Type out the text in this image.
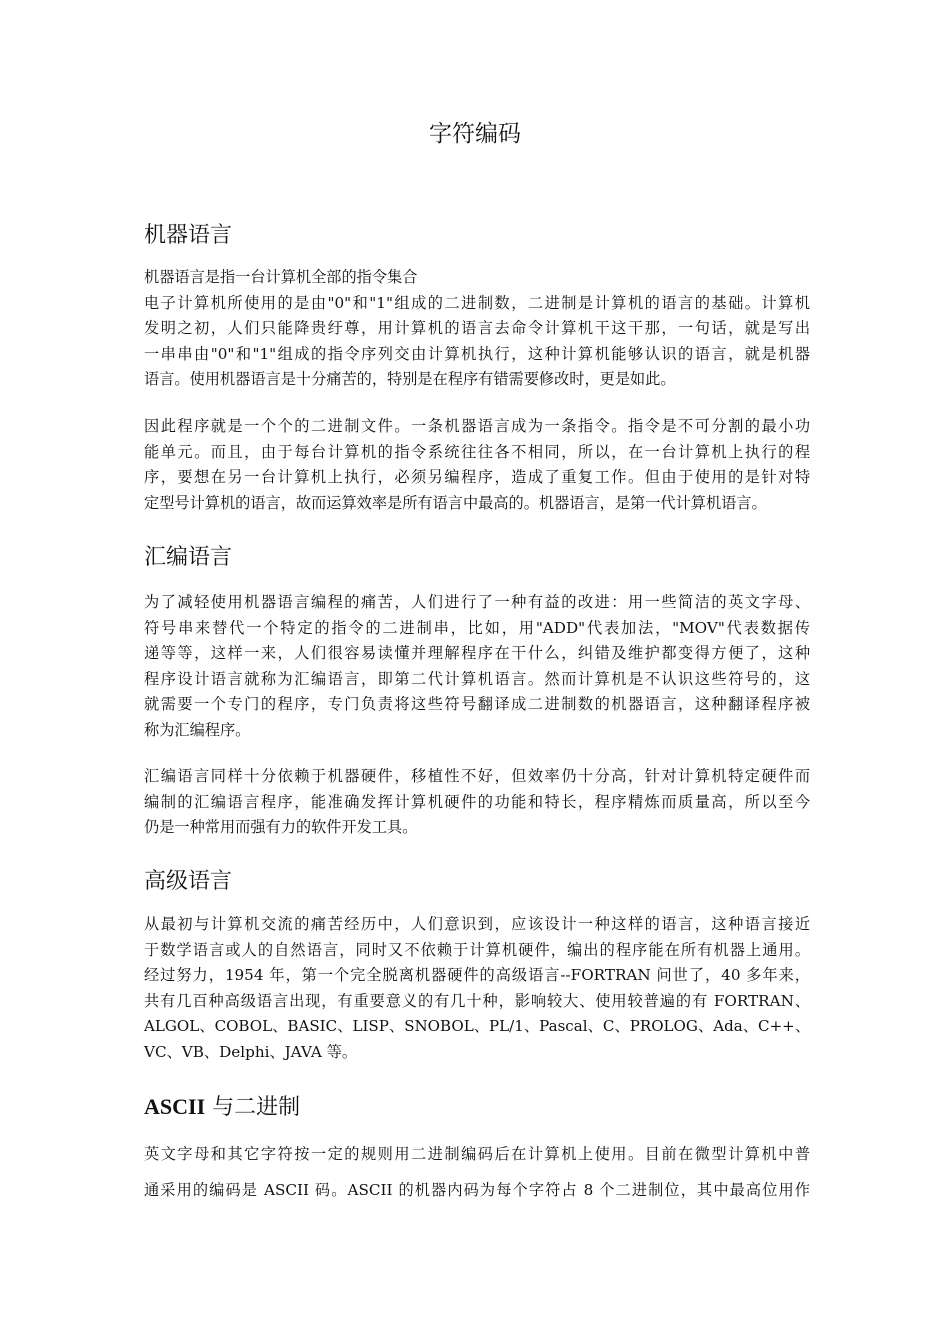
字符编码
机器语言
机器语言是指一台计算机全部的指令集合
电子计算机所使用的是由"0"和"1"组成的二进制数，二进制是计算机的语言的基础。计算机
发明之初，人们只能降贵纡尊，用计算机的语言去命令计算机干这干那，一句话，就是写出
一串串由"0"和"1"组成的指令序列交由计算机执行，这种计算机能够认识的语言，就是机器
语言。使用机器语言是十分痛苦的，特别是在程序有错需要修改时，更是如此。
因此程序就是一个个的二进制文件。一条机器语言成为一条指令。指令是不可分割的最小功
能单元。而且，由于每台计算机的指令系统往往各不相同，所以，在一台计算机上执行的程
序，要想在另一台计算机上执行，必须另编程序，造成了重复工作。但由于使用的是针对特
定型号计算机的语言，故而运算效率是所有语言中最高的。机器语言，是第一代计算机语言。
汇编语言
为了减轻使用机器语言编程的痛苦，人们进行了一种有益的改进：用一些简洁的英文字母、
符号串来替代一个特定的指令的二进制串，比如，用"ADD"代表加法，"MOV"代表数据传
递等等，这样一来，人们很容易读懂并理解程序在干什么，纠错及维护都变得方便了，这种
程序设计语言就称为汇编语言，即第二代计算机语言。然而计算机是不认识这些符号的，这
就需要一个专门的程序，专门负责将这些符号翻译成二进制数的机器语言，这种翻译程序被
称为汇编程序。
汇编语言同样十分依赖于机器硬件，移植性不好，但效率仍十分高，针对计算机特定硬件而
编制的汇编语言程序，能准确发挥计算机硬件的功能和特长，程序精炼而质量高，所以至今
仍是一种常用而强有力的软件开发工具。
高级语言
从最初与计算机交流的痛苦经历中，人们意识到，应该设计一种这样的语言，这种语言接近
于数学语言或人的自然语言，同时又不依赖于计算机硬件，编出的程序能在所有机器上通用。
经过努力，1954 年，第一个完全脱离机器硬件的高级语言--FORTRAN 问世了，40 多年来，
共有几百种高级语言出现，有重要意义的有几十种，影响较大、使用较普遍的有 FORTRAN、
ALGOL、COBOL、BASIC、LISP、SNOBOL、PL/1、Pascal、C、PROLOG、Ada、C++、
VC、VB、Delphi、JAVA 等。
ASCII 与二进制
英文字母和其它字符按一定的规则用二进制编码后在计算机上使用。目前在微型计算机中普
通采用的编码是 ASCII 码。ASCII 的机器内码为每个字符占 8 个二进制位，其中最高位用作
